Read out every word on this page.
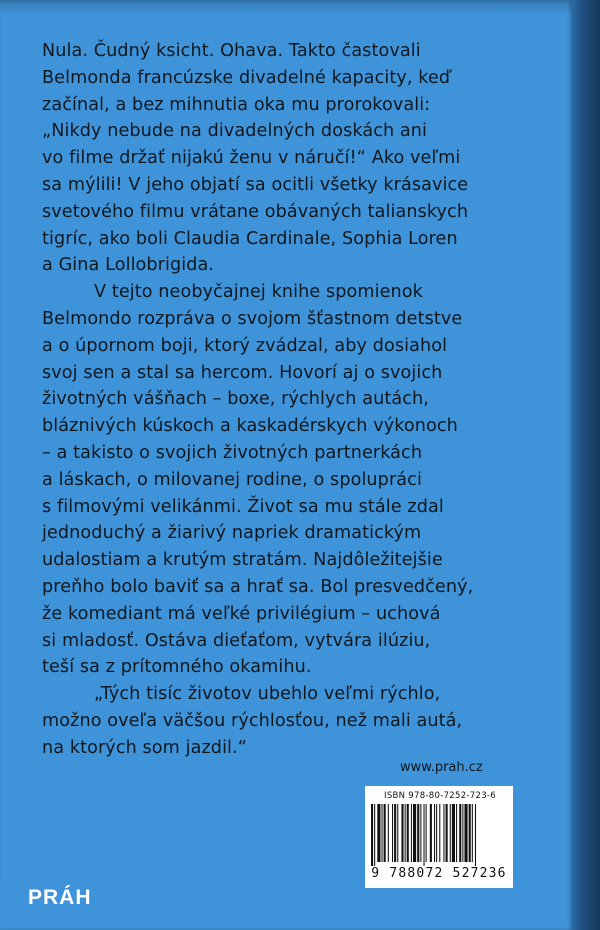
Nula. Čudný ksicht. Ohava. Takto častovali
Belmonda francúzske divadelné kapacity, keď
začínal, a bez mihnutia oka mu prorokovali:
„Nikdy nebude na divadelných doskách ani
vo filme držať nijakú ženu v náručí!“ Ako veľmi
sa mýlili! V jeho objatí sa ocitli všetky krásavice
svetového filmu vrátane obávaných talianskych
tigríc, ako boli Claudia Cardinale, Sophia Loren
a Gina Lollobrigida.

V tejto neobyčajnej knihe spomienok
Belmondo rozpráva o svojom šťastnom detstve
a o úpornom boji, ktorý zvádzal, aby dosiahol
svoj sen a stal sa hercom. Hovorí aj o svojich
životných vášňach – boxe, rýchlych autách,
bláznivých kúskoch a kaskadérskych výkonoch
– a takisto o svojich životných partnerkách
a láskach, o milovanej rodine, o spolupráci
s filmovými velikánmi. Život sa mu stále zdal
jednoduchý a žiarivý napriek dramatickým
udalostiam a krutým stratám. Najdôležitejšie
preňho bolo baviť sa a hrať sa. Bol presvedčený,
že komediant má veľké privilégium – uchová
si mladosť. Ostáva dieťaťom, vytvára ilúziu,
teší sa z prítomného okamihu.

„Tých tisíc životov ubehlo veľmi rýchlo,
možno oveľa väčšou rýchlosťou, než mali autá,
na ktorých som jazdil.“

www.prah.cz
ISBN 978-80-7252-723-6
9 788072 527236
PRÁH
